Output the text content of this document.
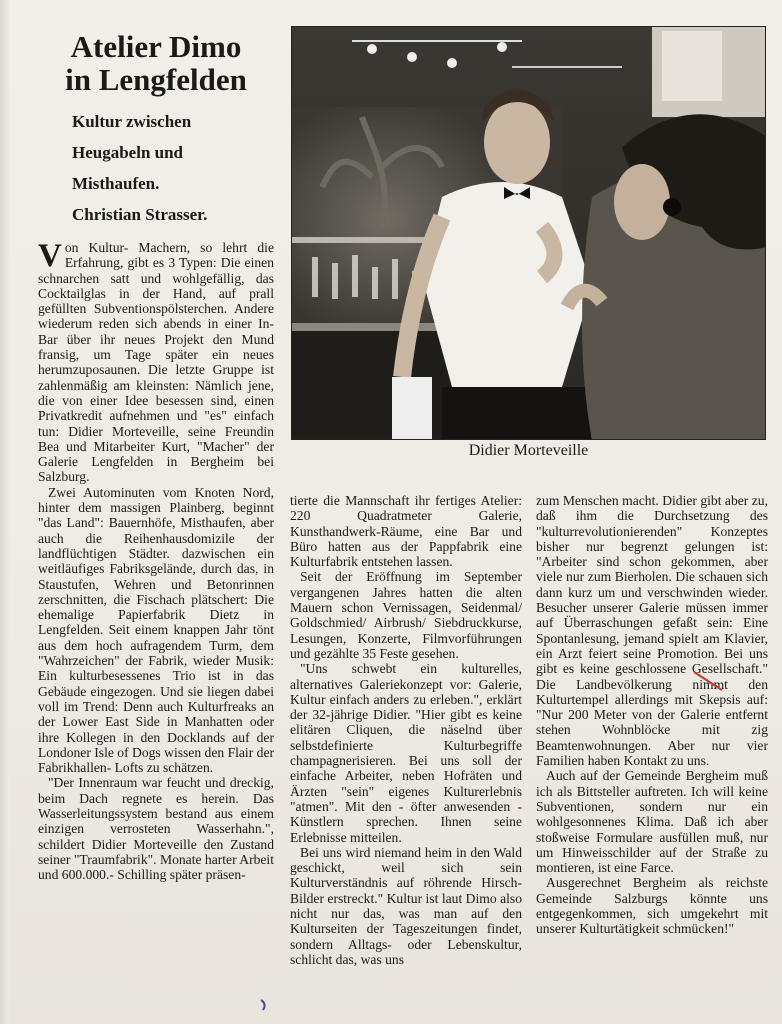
Atelier Dimo
in Lengfelden
Kultur zwischen
Heugabeln und
Misthaufen.
Christian Strasser.
Didier Morteveille

Von Kultur- Machern, so lehrt die Erfahrung, gibt es 3 Typen: Die einen schnarchen satt und wohlgefällig, das Cocktailglas in der Hand, auf prall gefüllten Subventionspölsterchen. Andere wiederum reden sich abends in einer In- Bar über ihr neues Projekt den Mund fransig, um Tage später ein neues herumzuposaunen. Die letzte Gruppe ist zahlenmäßig am kleinsten: Nämlich jene, die von einer Idee besessen sind, einen Privatkredit aufnehmen und "es" einfach tun: Didier Morteveille, seine Freundin Bea und Mitarbeiter Kurt, "Macher" der Galerie Lengfelden in Bergheim bei Salzburg.

Zwei Autominuten vom Knoten Nord, hinter dem massigen Plainberg, beginnt "das Land": Bauernhöfe, Misthaufen, aber auch die Reihenhausdomizile der landflüchtigen Städter. dazwischen ein weitläufiges Fabriksgelände, durch das, in Staustufen, Wehren und Betonrinnen zerschnitten, die Fischach plätschert: Die ehemalige Papierfabrik Dietz in Lengfelden. Seit einem knappen Jahr tönt aus dem hoch aufragendem Turm, dem "Wahrzeichen" der Fabrik, wieder Musik: Ein kulturbesessenes Trio ist in das Gebäude eingezogen. Und sie liegen dabei voll im Trend: Denn auch Kulturfreaks an der Lower East Side in Manhatten oder ihre Kollegen in den Docklands auf der Londoner Isle of Dogs wissen den Flair der Fabrikhallen- Lofts zu schätzen.

"Der Innenraum war feucht und dreckig, beim Dach regnete es herein. Das Wasserleitungssystem bestand aus einem einzigen verrosteten Wasserhahn.", schildert Didier Morteveille den Zustand seiner "Traumfabrik". Monate harter Arbeit und 600.000.- Schilling später präsen-

tierte die Mannschaft ihr fertiges Atelier: 220 Quadratmeter Galerie, Kunsthandwerk-Räume, eine Bar und Büro hatten aus der Pappfabrik eine Kulturfabrik entstehen lassen.

Seit der Eröffnung im September vergangenen Jahres hatten die alten Mauern schon Vernissagen, Seidenmal/ Goldschmied/ Airbrush/ Siebdruckkurse, Lesungen, Konzerte, Filmvorführungen und gezählte 35 Feste gesehen.

"Uns schwebt ein kulturelles, alternatives Galeriekonzept vor: Galerie, Kultur einfach anders zu erleben.", erklärt der 32-jährige Didier. "Hier gibt es keine elitären Cliquen, die näselnd über selbstdefinierte Kulturbegriffe champagnerisieren. Bei uns soll der einfache Arbeiter, neben Hofräten und Ärzten "sein" eigenes Kulturerlebnis "atmen". Mit den - öfter anwesenden - Künstlern sprechen. Ihnen seine Erlebnisse mitteilen.

Bei uns wird niemand heim in den Wald geschickt, weil sich sein Kulturverständnis auf röhrende Hirsch-Bilder erstreckt." Kultur ist laut Dimo also nicht nur das, was man auf den Kulturseiten der Tageszeitungen findet, sondern Alltags- oder Lebenskultur, schlicht das, was uns

zum Menschen macht. Didier gibt aber zu, daß ihm die Durchsetzung des "kulturrevolutionierenden" Konzeptes bisher nur begrenzt gelungen ist: "Arbeiter sind schon gekommen, aber viele nur zum Bierholen. Die schauen sich dann kurz um und verschwinden wieder. Besucher unserer Galerie müssen immer auf Überraschungen gefaßt sein: Eine Spontanlesung, jemand spielt am Klavier, ein Arzt feiert seine Promotion. Bei uns gibt es keine geschlossene Gesellschaft." Die Landbevölkerung nimmt den Kulturtempel allerdings mit Skepsis auf: "Nur 200 Meter von der Galerie entfernt stehen Wohnblöcke mit zig Beamtenwohnungen. Aber nur vier Familien haben Kontakt zu uns.

Auch auf der Gemeinde Bergheim muß ich als Bittsteller auftreten. Ich will keine Subventionen, sondern nur ein wohlgesonnenes Klima. Daß ich aber stoßweise Formulare ausfüllen muß, nur um Hinweisschilder auf der Straße zu montieren, ist eine Farce.

Ausgerechnet Bergheim als reichste Gemeinde Salzburgs könnte uns entgegenkommen, sich umgekehrt mit unserer Kulturtätigkeit schmücken!"
